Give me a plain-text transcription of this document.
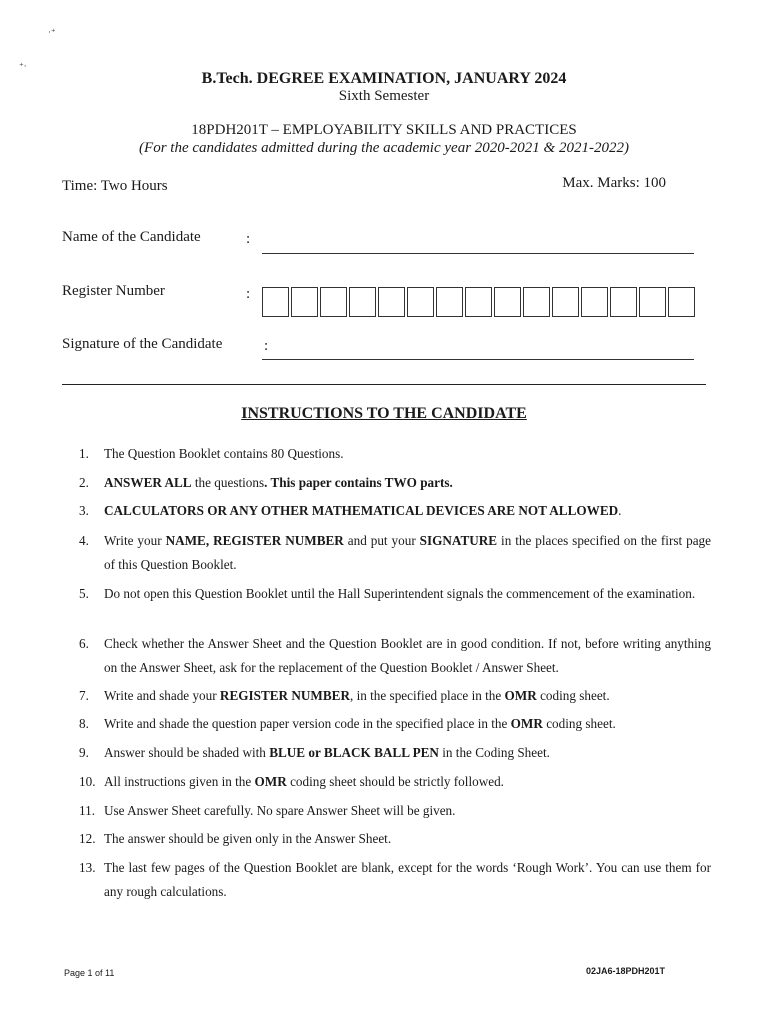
·⁺
⁺·
B.Tech. DEGREE EXAMINATION, JANUARY 2024
Sixth Semester
18PDH201T – EMPLOYABILITY SKILLS AND PRACTICES
(For the candidates admitted during the academic year 2020-2021 & 2021-2022)
Time: Two Hours	Max. Marks: 100
Name of the Candidate	:
Register Number	:
Signature of the Candidate	:
INSTRUCTIONS TO THE CANDIDATE
1. The Question Booklet contains 80 Questions.
2. ANSWER ALL the questions. This paper contains TWO parts.
3. CALCULATORS OR ANY OTHER MATHEMATICAL DEVICES ARE NOT ALLOWED.
4. Write your NAME, REGISTER NUMBER and put your SIGNATURE in the places specified on the first page of this Question Booklet.
5. Do not open this Question Booklet until the Hall Superintendent signals the commencement of the examination.
6. Check whether the Answer Sheet and the Question Booklet are in good condition. If not, before writing anything on the Answer Sheet, ask for the replacement of the Question Booklet / Answer Sheet.
7. Write and shade your REGISTER NUMBER, in the specified place in the OMR coding sheet.
8. Write and shade the question paper version code in the specified place in the OMR coding sheet.
9. Answer should be shaded with BLUE or BLACK BALL PEN in the Coding Sheet.
10. All instructions given in the OMR coding sheet should be strictly followed.
11. Use Answer Sheet carefully. No spare Answer Sheet will be given.
12. The answer should be given only in the Answer Sheet.
13. The last few pages of the Question Booklet are blank, except for the words ‘Rough Work’. You can use them for any rough calculations.
Page 1 of 11	02JA6-18PDH201T
